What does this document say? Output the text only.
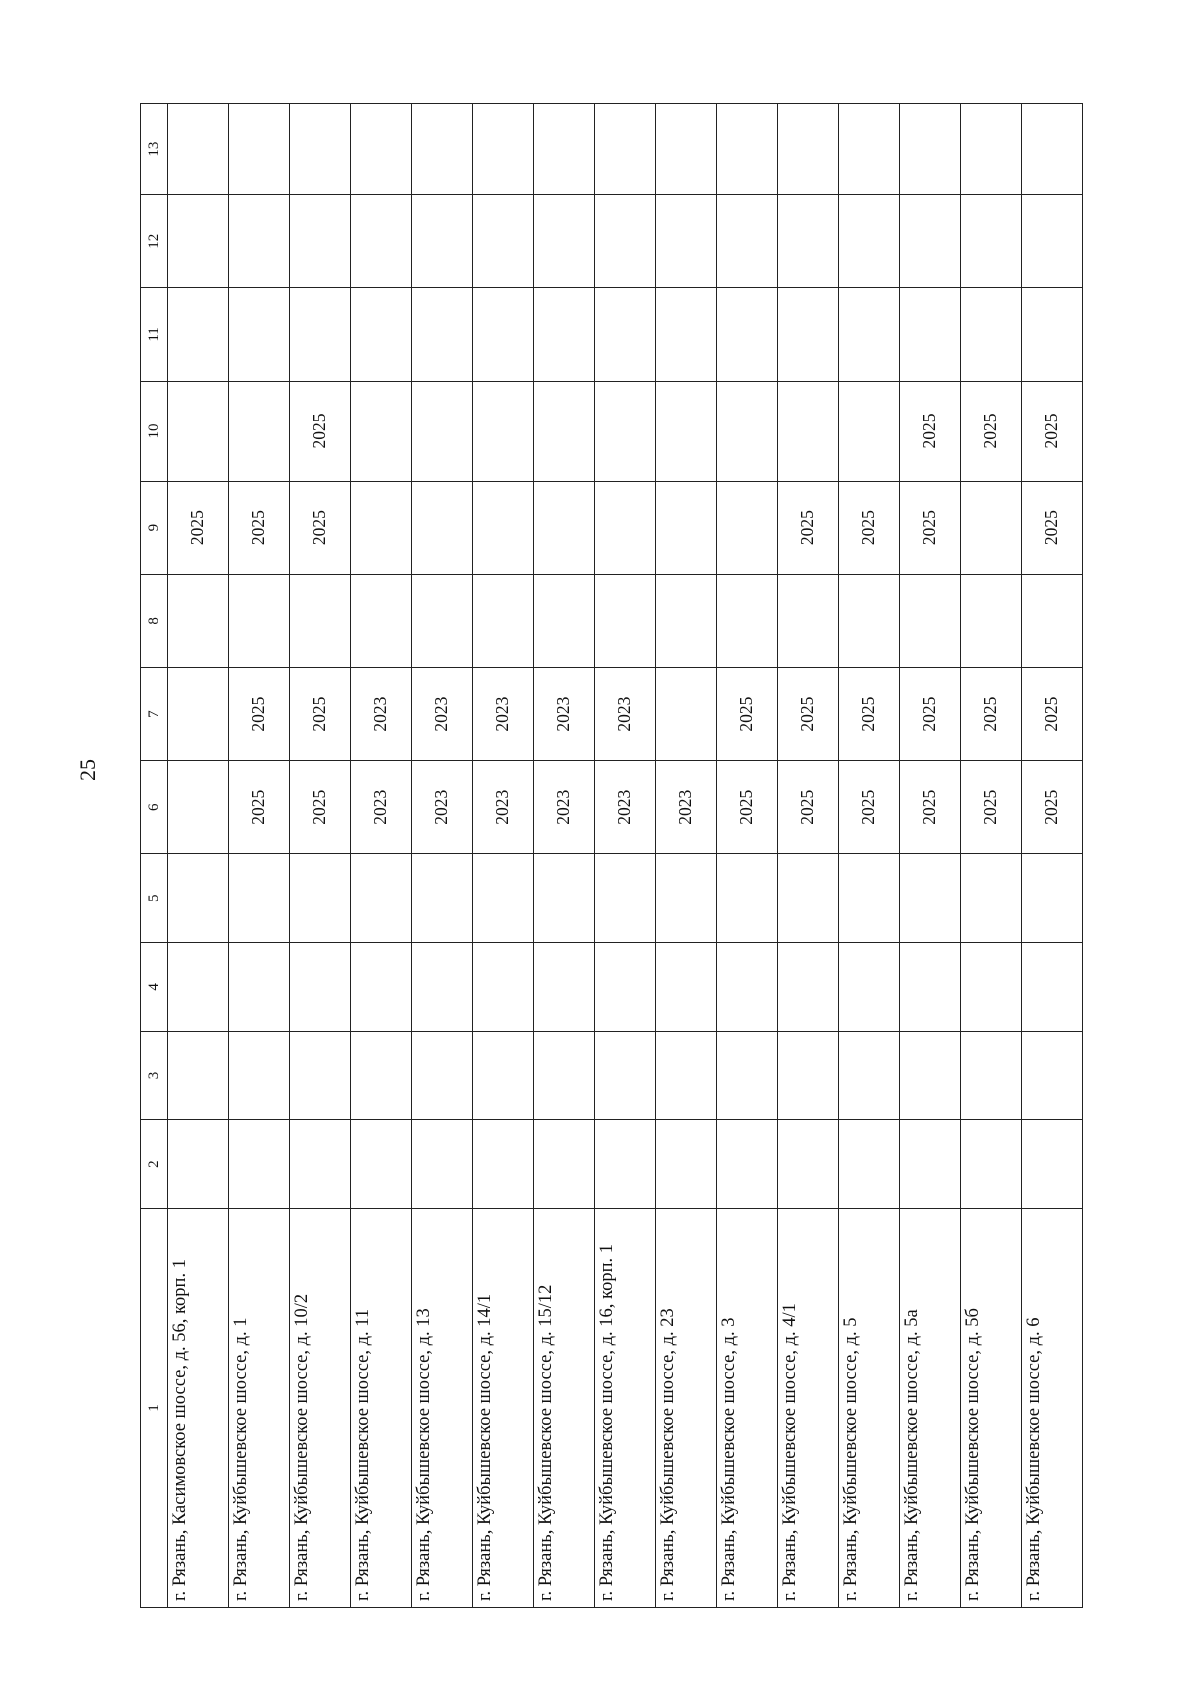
25
1	2	3	4	5	6	7	8	9	10	11	12	13
г. Рязань, Касимовское шоссе, д. 56, корп. 1								2025				
г. Рязань, Куйбышевское шоссе, д. 1					2025	2025		2025				
г. Рязань, Куйбышевское шоссе, д. 10/2					2025	2025		2025	2025			
г. Рязань, Куйбышевское шоссе, д. 11					2023	2023						
г. Рязань, Куйбышевское шоссе, д. 13					2023	2023						
г. Рязань, Куйбышевское шоссе, д. 14/1					2023	2023						
г. Рязань, Куйбышевское шоссе, д. 15/12					2023	2023						
г. Рязань, Куйбышевское шоссе, д. 16, корп. 1					2023	2023						
г. Рязань, Куйбышевское шоссе, д. 23					2023							
г. Рязань, Куйбышевское шоссе, д. 3					2025	2025						
г. Рязань, Куйбышевское шоссе, д. 4/1					2025	2025		2025				
г. Рязань, Куйбышевское шоссе, д. 5					2025	2025		2025				
г. Рязань, Куйбышевское шоссе, д. 5а					2025	2025		2025	2025			
г. Рязань, Куйбышевское шоссе, д. 5б					2025	2025			2025			
г. Рязань, Куйбышевское шоссе, д. 6					2025	2025		2025	2025			
